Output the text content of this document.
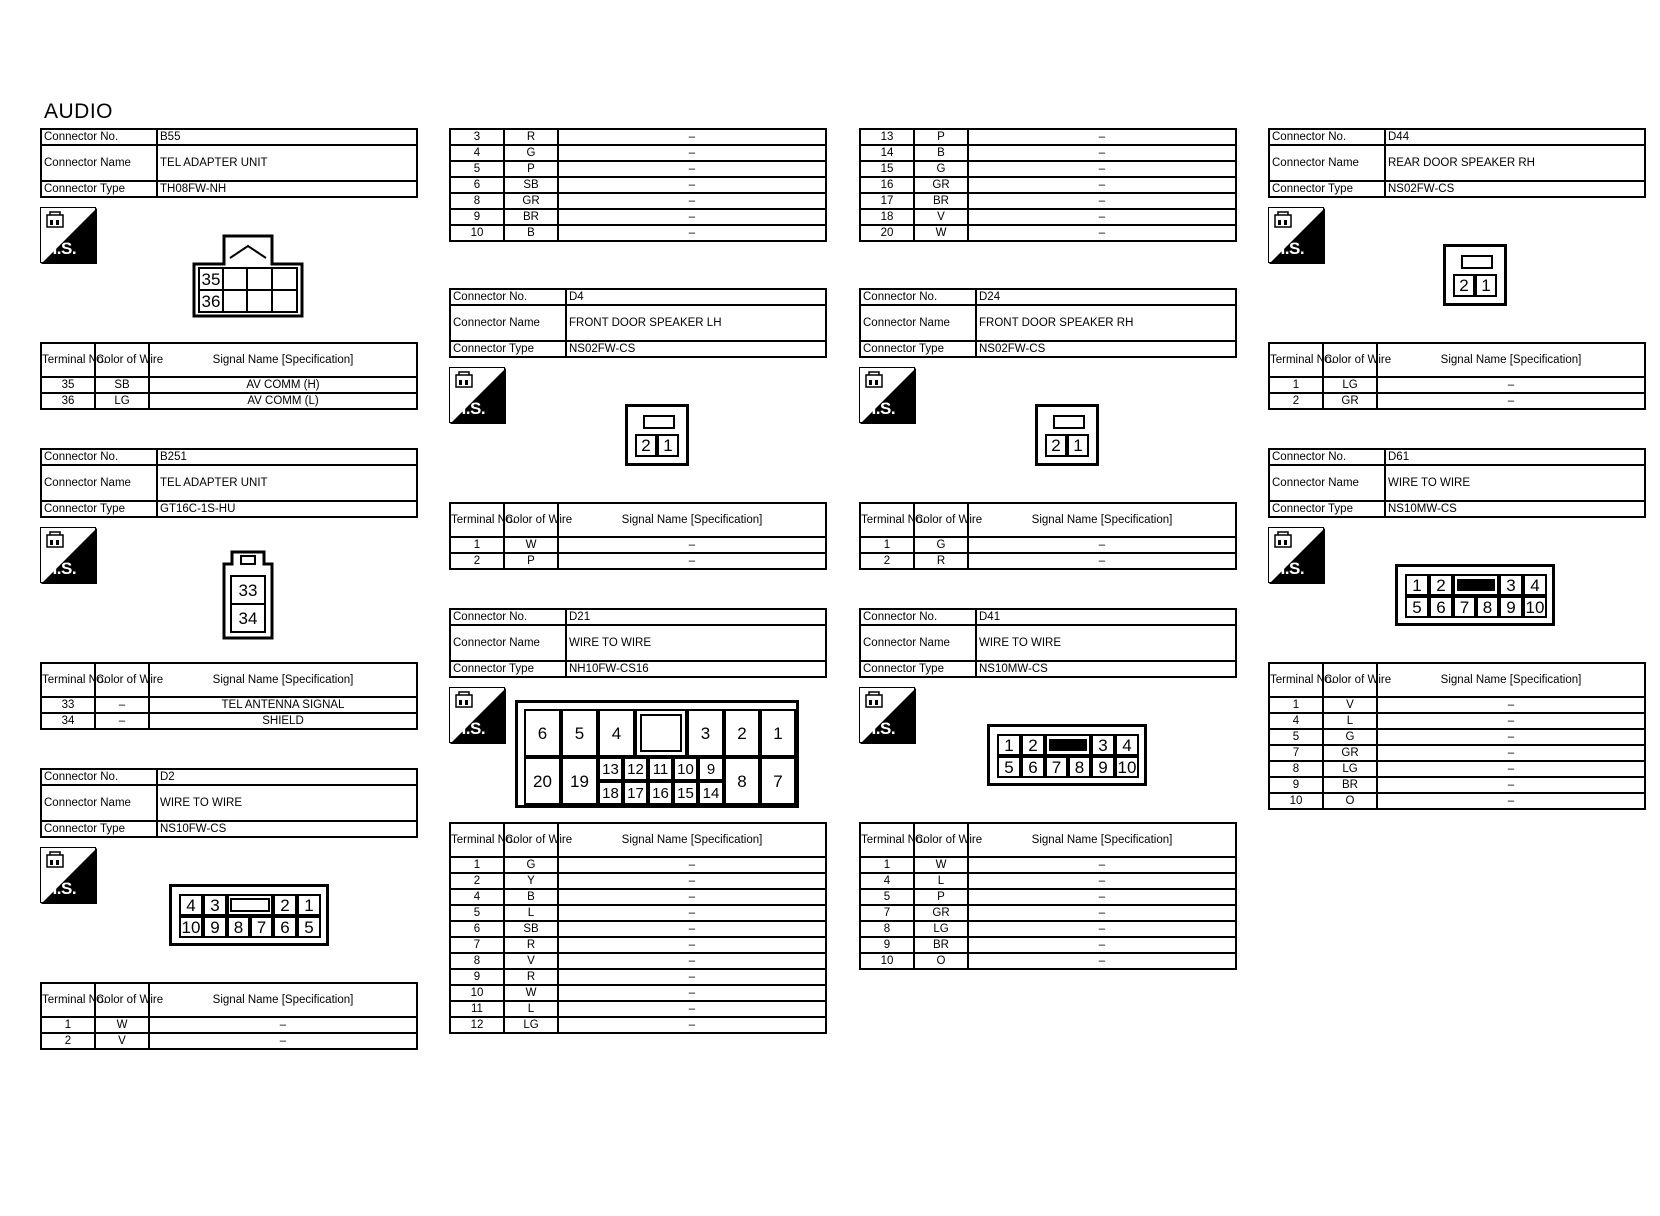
AUDIO
Connector No.	B55
Connector Name	TEL ADAPTER UNIT
Connector Type	TH08FW-NH
H.S.
35
36
Terminal No.	Color of Wire	Signal Name [Specification]
35	SB	AV COMM (H)
36	LG	AV COMM (L)
Connector No.	B251
Connector Name	TEL ADAPTER UNIT
Connector Type	GT16C-1S-HU
H.S.
33
34
Terminal No.	Color of Wire	Signal Name [Specification]
33	–	TEL ANTENNA SIGNAL
34	–	SHIELD
Connector No.	D2
Connector Name	WIRE TO WIRE
Connector Type	NS10FW-CS
H.S.
4 3	2 1
10 9 8 7 6 5
Terminal No.	Color of Wire	Signal Name [Specification]
1	W	–
2	V	–
3	R	–
4	G	–
5	P	–
6	SB	–
8	GR	–
9	BR	–
10	B	–
Connector No.	D4
Connector Name	FRONT DOOR SPEAKER LH
Connector Type	NS02FW-CS
H.S.
2 1
Terminal No.	Color of Wire	Signal Name [Specification]
1	W	–
2	P	–
Connector No.	D21
Connector Name	WIRE TO WIRE
Connector Type	NH10FW-CS16
H.S.	6	5	4	3	2	1
20	19
13 12 11 10 9
18 17 16 15 14
8	7
Terminal No.	Color of Wire	Signal Name [Specification]
1	G	–
2	Y	–
4	B	–
5	L	–
6	SB	–
7	R	–
8	V	–
9	R	–
10	W	–
11	L	–
12	LG	–
13	P	–
14	B	–
15	G	–
16	GR	–
17	BR	–
18	V	–
20	W	–
Connector No.	D24
Connector Name	FRONT DOOR SPEAKER RH
Connector Type	NS02FW-CS
H.S.
2 1
Terminal No.	Color of Wire	Signal Name [Specification]
1	G	–
2	R	–
Connector No.	D41
Connector Name	WIRE TO WIRE
Connector Type	NS10MW-CS
H.S.
1 2	3 4
5 6 7 8 9 10
Terminal No.	Color of Wire	Signal Name [Specification]
1	W	–
4	L	–
5	P	–
7	GR	–
8	LG	–
9	BR	–
10	O	–
Connector No.	D44
Connector Name	REAR DOOR SPEAKER RH
Connector Type	NS02FW-CS
H.S.
2 1
Terminal No.	Color of Wire	Signal Name [Specification]
1	LG	–
2	GR	–
Connector No.	D61
Connector Name	WIRE TO WIRE
Connector Type	NS10MW-CS
H.S.
1 2	3 4
5 6 7 8 9 10
Terminal No.	Color of Wire	Signal Name [Specification]
1	V	–
4	L	–
5	G	–
7	GR	–
8	LG	–
9	BR	–
10	O	–
